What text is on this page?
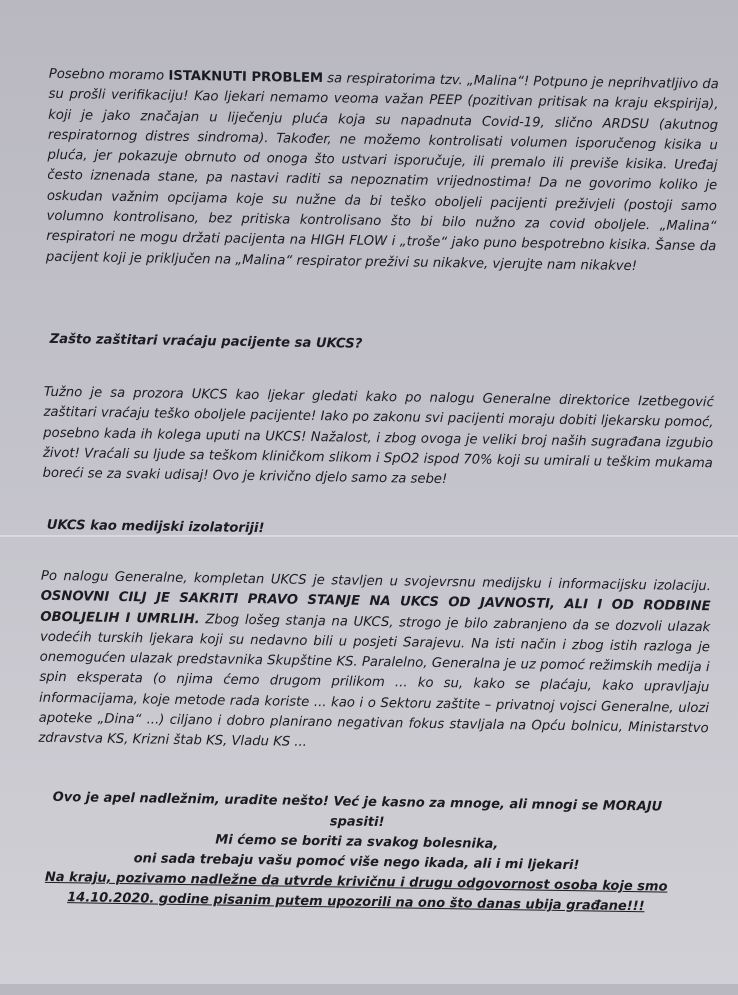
Posebno moramo ISTAKNUTI PROBLEM sa respiratorima tzv. „Malina“! Potpuno je neprihvatljivo da su prošli verifikaciju! Kao ljekari nemamo veoma važan PEEP (pozitivan pritisak na kraju ekspirija), koji je jako značajan u liječenju pluća koja su napadnuta Covid-19, slično ARDSU (akutnog respiratornog distres sindroma). Također, ne možemo kontrolisati volumen isporučenog kisika u pluća, jer pokazuje obrnuto od onoga što ustvari isporučuje, ili premalo ili previše kisika. Uređaj često iznenada stane, pa nastavi raditi sa nepoznatim vrijednostima! Da ne govorimo koliko je oskudan važnim opcijama koje su nužne da bi teško oboljeli pacijenti preživjeli (postoji samo volumno kontrolisano, bez pritiska kontrolisano što bi bilo nužno za covid oboljele. „Malina“ respiratori ne mogu držati pacijenta na HIGH FLOW i „troše“ jako puno bespotrebno kisika. Šanse da pacijent koji je priključen na „Malina“ respirator preživi su nikakve, vjerujte nam nikakve!

Zašto zaštitari vraćaju pacijente sa UKCS?

Tužno je sa prozora UKCS kao ljekar gledati kako po nalogu Generalne direktorice Izetbegović zaštitari vraćaju teško oboljele pacijente! Iako po zakonu svi pacijenti moraju dobiti ljekarsku pomoć, posebno kada ih kolega uputi na UKCS! Nažalost, i zbog ovoga je veliki broj naših sugrađana izgubio život! Vraćali su ljude sa teškom kliničkom slikom i SpO2 ispod 70% koji su umirali u teškim mukama boreći se za svaki udisaj! Ovo je krivično djelo samo za sebe!

UKCS kao medijski izolatoriji!

Po nalogu Generalne, kompletan UKCS je stavljen u svojevrsnu medijsku i informacijsku izolaciju. OSNOVNI CILJ JE SAKRITI PRAVO STANJE NA UKCS OD JAVNOSTI, ALI I OD RODBINE OBOLJELIH I UMRLIH. Zbog lošeg stanja na UKCS, strogo je bilo zabranjeno da se dozvoli ulazak vodećih turskih ljekara koji su nedavno bili u posjeti Sarajevu. Na isti način i zbog istih razloga je onemogućen ulazak predstavnika Skupštine KS. Paralelno, Generalna je uz pomoć režimskih medija i spin eksperata (o njima ćemo drugom prilikom ... ko su, kako se plaćaju, kako upravljaju informacijama, koje metode rada koriste ... kao i o Sektoru zaštite – privatnoj vojsci Generalne, ulozi apoteke „Dina“ ...) ciljano i dobro planirano negativan fokus stavljala na Opću bolnicu, Ministarstvo zdravstva KS, Krizni štab KS, Vladu KS ...

Ovo je apel nadležnim, uradite nešto! Već je kasno za mnoge, ali mnogi se MORAJU spasiti!

Mi ćemo se boriti za svakog bolesnika,

oni sada trebaju vašu pomoć više nego ikada, ali i mi ljekari!

Na kraju, pozivamo nadležne da utvrde krivičnu i drugu odgovornost osoba koje smo

14.10.2020. godine pisanim putem upozorili na ono što danas ubija građane!!!
